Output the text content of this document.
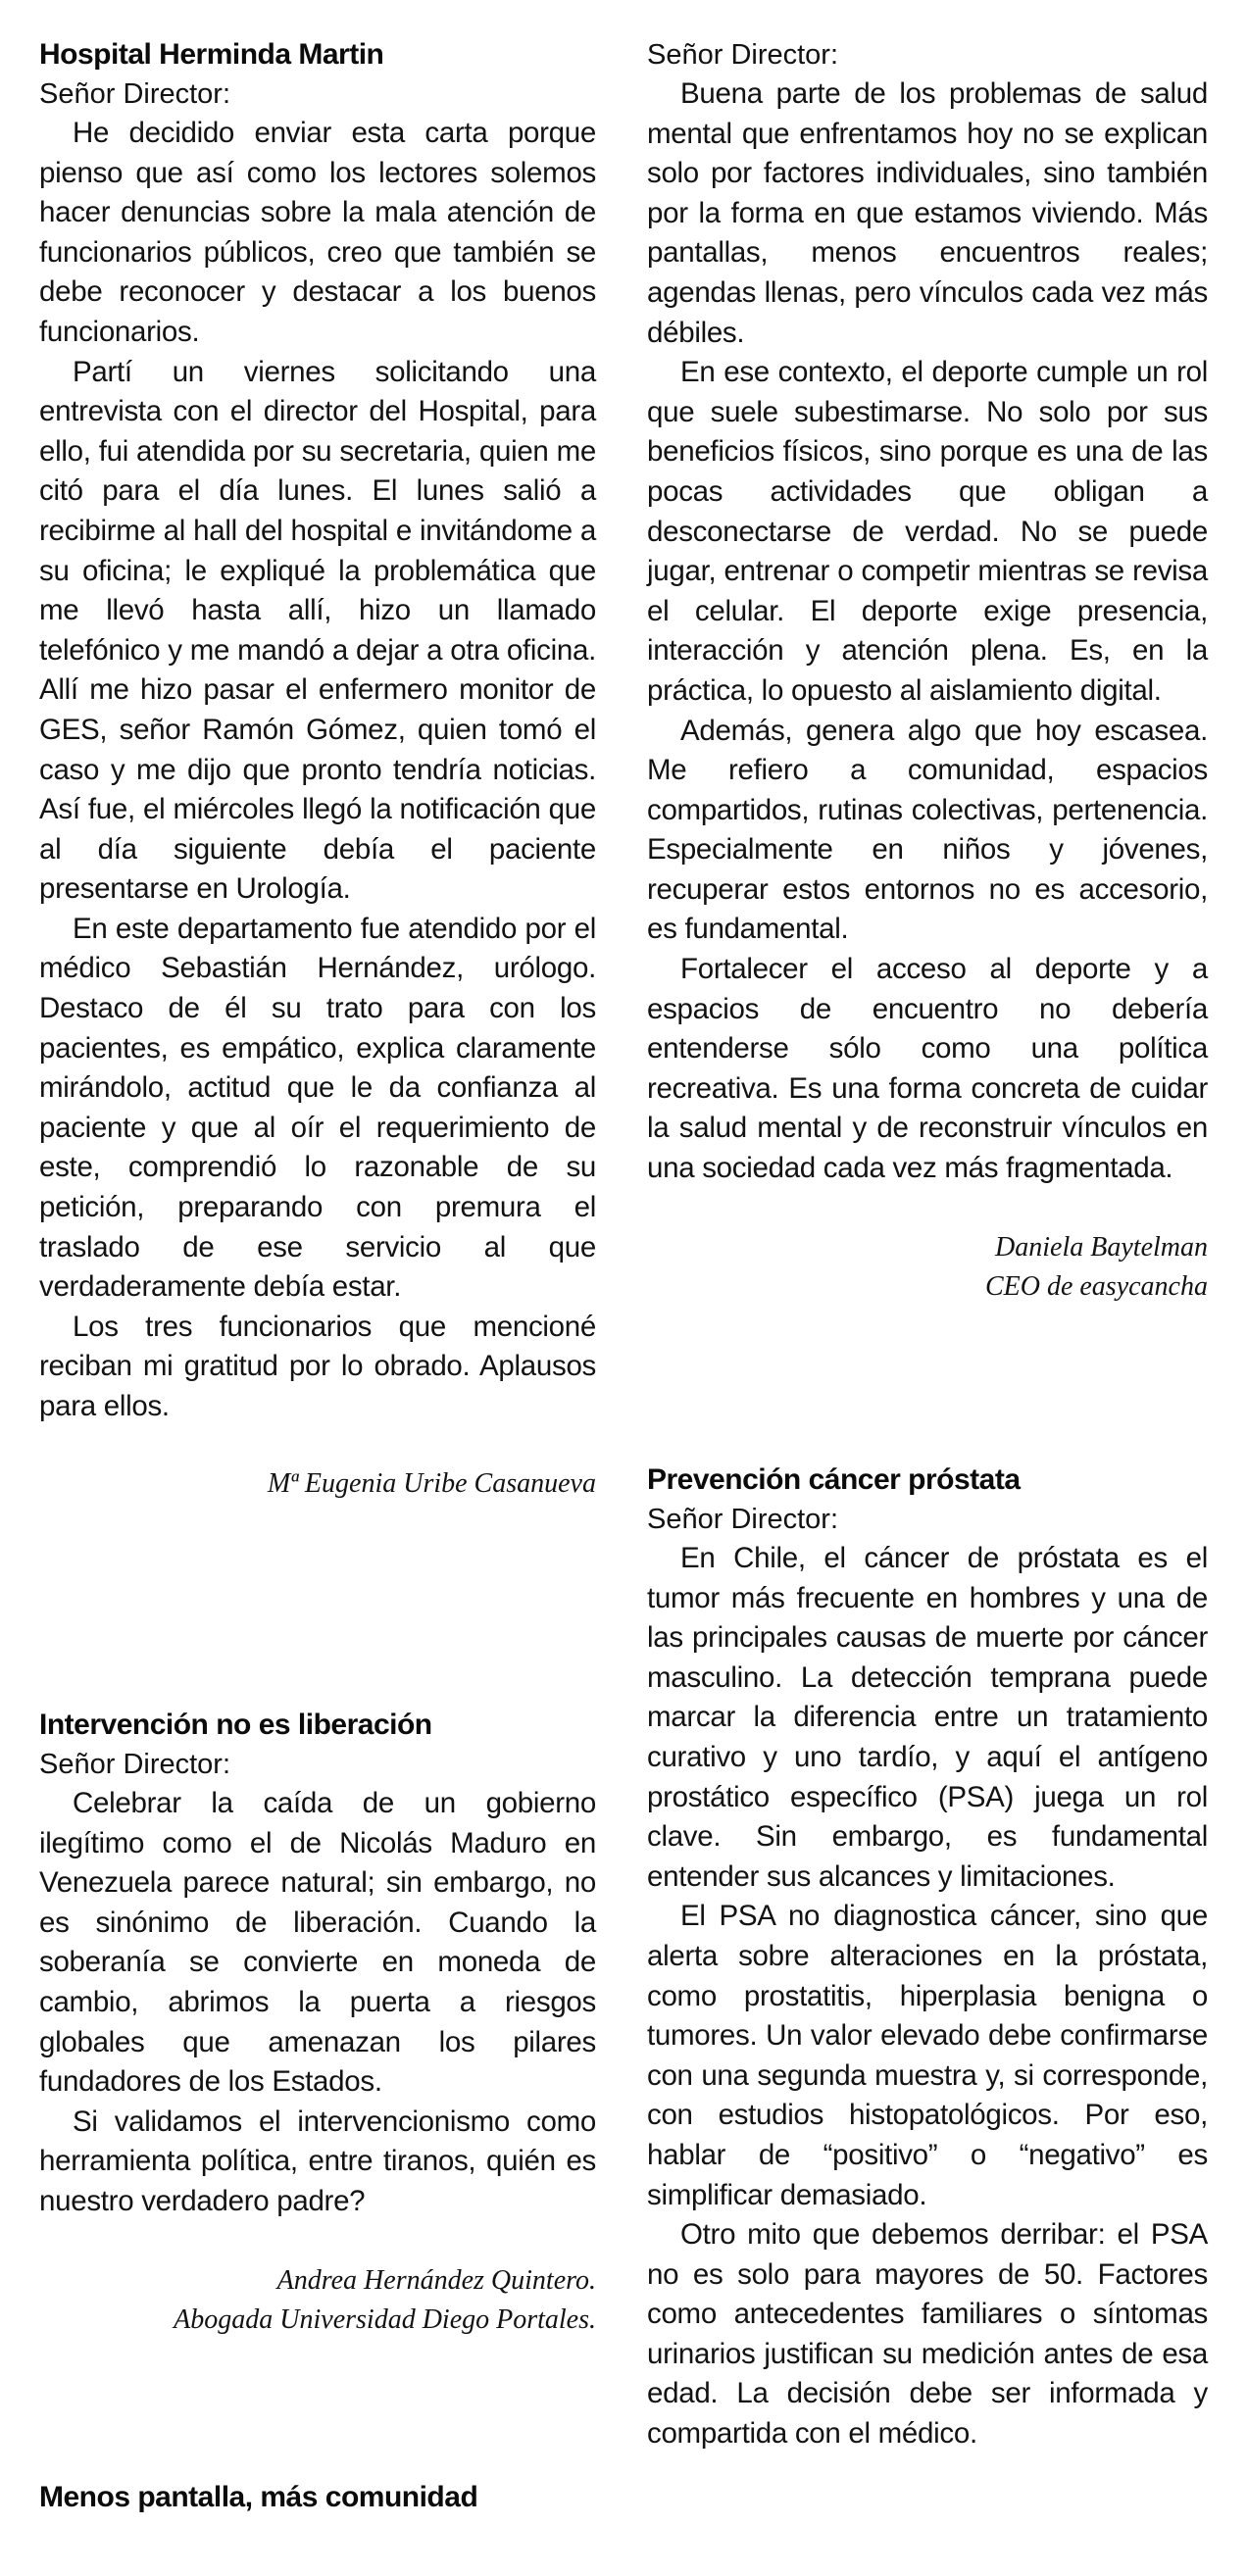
Hospital Herminda Martin
Señor Director:

He decidido enviar esta carta porque pienso que así como los lectores solemos hacer denuncias sobre la mala atención de funcionarios públicos, creo que también se debe reconocer y destacar a los buenos funcionarios.

Partí un viernes solicitando una entrevista con el director del Hospital, para ello, fui atendida por su secretaria, quien me citó para el día lunes. El lunes salió a recibirme al hall del hospital e invitándome a su oficina; le expliqué la problemática que me llevó hasta allí, hizo un llamado telefónico y me mandó a dejar a otra oficina. Allí me hizo pasar el enfermero monitor de GES, señor Ramón Gómez, quien tomó el caso y me dijo que pronto tendría noticias. Así fue, el miércoles llegó la notificación que al día siguiente debía el paciente presentarse en Urología.

En este departamento fue atendido por el médico Sebastián Hernández, urólogo. Destaco de él su trato para con los pacientes, es empático, explica claramente mirándolo, actitud que le da confianza al paciente y que al oír el requerimiento de este, comprendió lo razonable de su petición, preparando con premura el traslado de ese servicio al que verdaderamente debía estar.

Los tres funcionarios que mencioné reciban mi gratitud por lo obrado. Aplausos para ellos.

Mª Eugenia Uribe Casanueva
Intervención no es liberación
Señor Director:

Celebrar la caída de un gobierno ilegítimo como el de Nicolás Maduro en Venezuela parece natural; sin embargo, no es sinónimo de liberación. Cuando la soberanía se convierte en moneda de cambio, abrimos la puerta a riesgos globales que amenazan los pilares fundadores de los Estados.

Si validamos el intervencionismo como herramienta política, entre tiranos, quién es nuestro verdadero padre?

Andrea Hernández Quintero.
Abogada Universidad Diego Portales.
Menos pantalla, más comunidad
Señor Director:

Buena parte de los problemas de salud mental que enfrentamos hoy no se explican solo por factores individuales, sino también por la forma en que estamos viviendo. Más pantallas, menos encuentros reales; agendas llenas, pero vínculos cada vez más débiles.

En ese contexto, el deporte cumple un rol que suele subestimarse. No solo por sus beneficios físicos, sino porque es una de las pocas actividades que obligan a desconectarse de verdad. No se puede jugar, entrenar o competir mientras se revisa el celular. El deporte exige presencia, interacción y atención plena. Es, en la práctica, lo opuesto al aislamiento digital.

Además, genera algo que hoy escasea. Me refiero a comunidad, espacios compartidos, rutinas colectivas, pertenencia. Especialmente en niños y jóvenes, recuperar estos entornos no es accesorio, es fundamental.

Fortalecer el acceso al deporte y a espacios de encuentro no debería entenderse sólo como una política recreativa. Es una forma concreta de cuidar la salud mental y de reconstruir vínculos en una sociedad cada vez más fragmentada.

Daniela Baytelman
CEO de easycancha
Prevención cáncer próstata
Señor Director:

En Chile, el cáncer de próstata es el tumor más frecuente en hombres y una de las principales causas de muerte por cáncer masculino. La detección temprana puede marcar la diferencia entre un tratamiento curativo y uno tardío, y aquí el antígeno prostático específico (PSA) juega un rol clave. Sin embargo, es fundamental entender sus alcances y limitaciones.

El PSA no diagnostica cáncer, sino que alerta sobre alteraciones en la próstata, como prostatitis, hiperplasia benigna o tumores. Un valor elevado debe confirmarse con una segunda muestra y, si corresponde, con estudios histopatológicos. Por eso, hablar de “positivo” o “negativo” es simplificar demasiado.

Otro mito que debemos derribar: el PSA no es solo para mayores de 50. Factores como antecedentes familiares o síntomas urinarios justifican su medición antes de esa edad. La decisión debe ser informada y compartida con el médico.
